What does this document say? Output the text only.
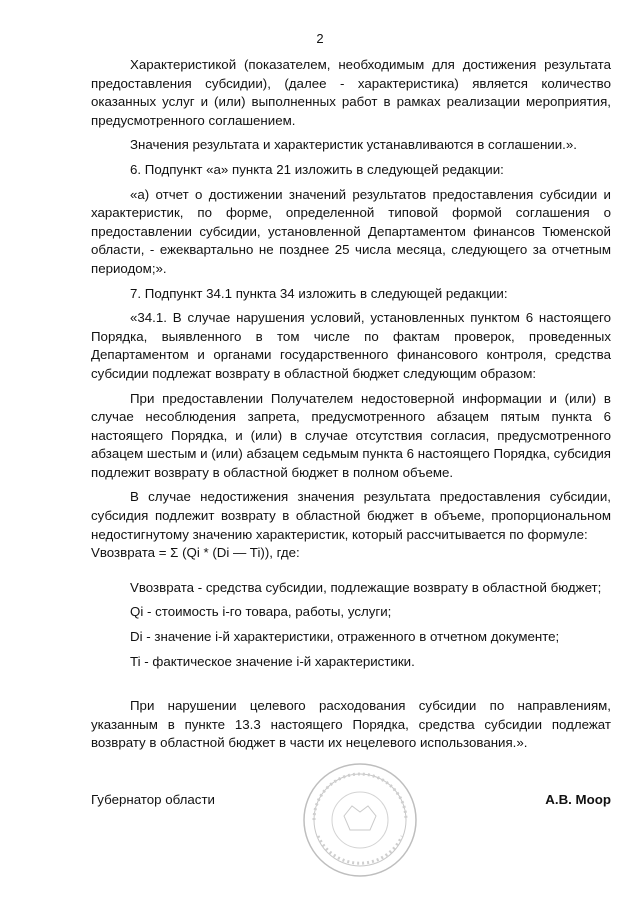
2

Характеристикой (показателем, необходимым для достижения результата предоставления субсидии), (далее - характеристика) является количество оказанных услуг и (или) выполненных работ в рамках реализации мероприятия, предусмотренного соглашением.

Значения результата и характеристик устанавливаются в соглашении.».

6. Подпункт «а» пункта 21 изложить в следующей редакции:

«а) отчет о достижении значений результатов предоставления субсидии и характеристик, по форме, определенной типовой формой соглашения о предоставлении субсидии, установленной Департаментом финансов Тюменской области, - ежеквартально не позднее 25 числа месяца, следующего за отчетным периодом;».

7. Подпункт 34.1 пункта 34 изложить в следующей редакции:

«34.1. В случае нарушения условий, установленных пунктом 6 настоящего Порядка, выявленного в том числе по фактам проверок, проведенных Департаментом и органами государственного финансового контроля, средства субсидии подлежат возврату в областной бюджет следующим образом:

При предоставлении Получателем недостоверной информации и (или) в случае несоблюдения запрета, предусмотренного абзацем пятым пункта 6 настоящего Порядка, и (или) в случае отсутствия согласия, предусмотренного абзацем шестым и (или) абзацем седьмым пункта 6 настоящего Порядка, субсидия подлежит возврату в областной бюджет в полном объеме.

В случае недостижения значения результата предоставления субсидии, субсидия подлежит возврату в областной бюджет в объеме, пропорциональном недостигнутому значению характеристик, который рассчитывается по формуле:

Vвозврата = Σ (Qi * (Di — Ti)), где:

Vвозврата - средства субсидии, подлежащие возврату в областной бюджет;

Qi - стоимость i-го товара, работы, услуги;

Di - значение i-й характеристики, отраженного в отчетном документе;

Ti - фактическое значение i-й характеристики.

При нарушении целевого расходования субсидии по направлениям, указанным в пункте 13.3 настоящего Порядка, средства субсидии подлежат возврату в областной бюджет в части их нецелевого использования.».

Губернатор области	А.В. Моор
